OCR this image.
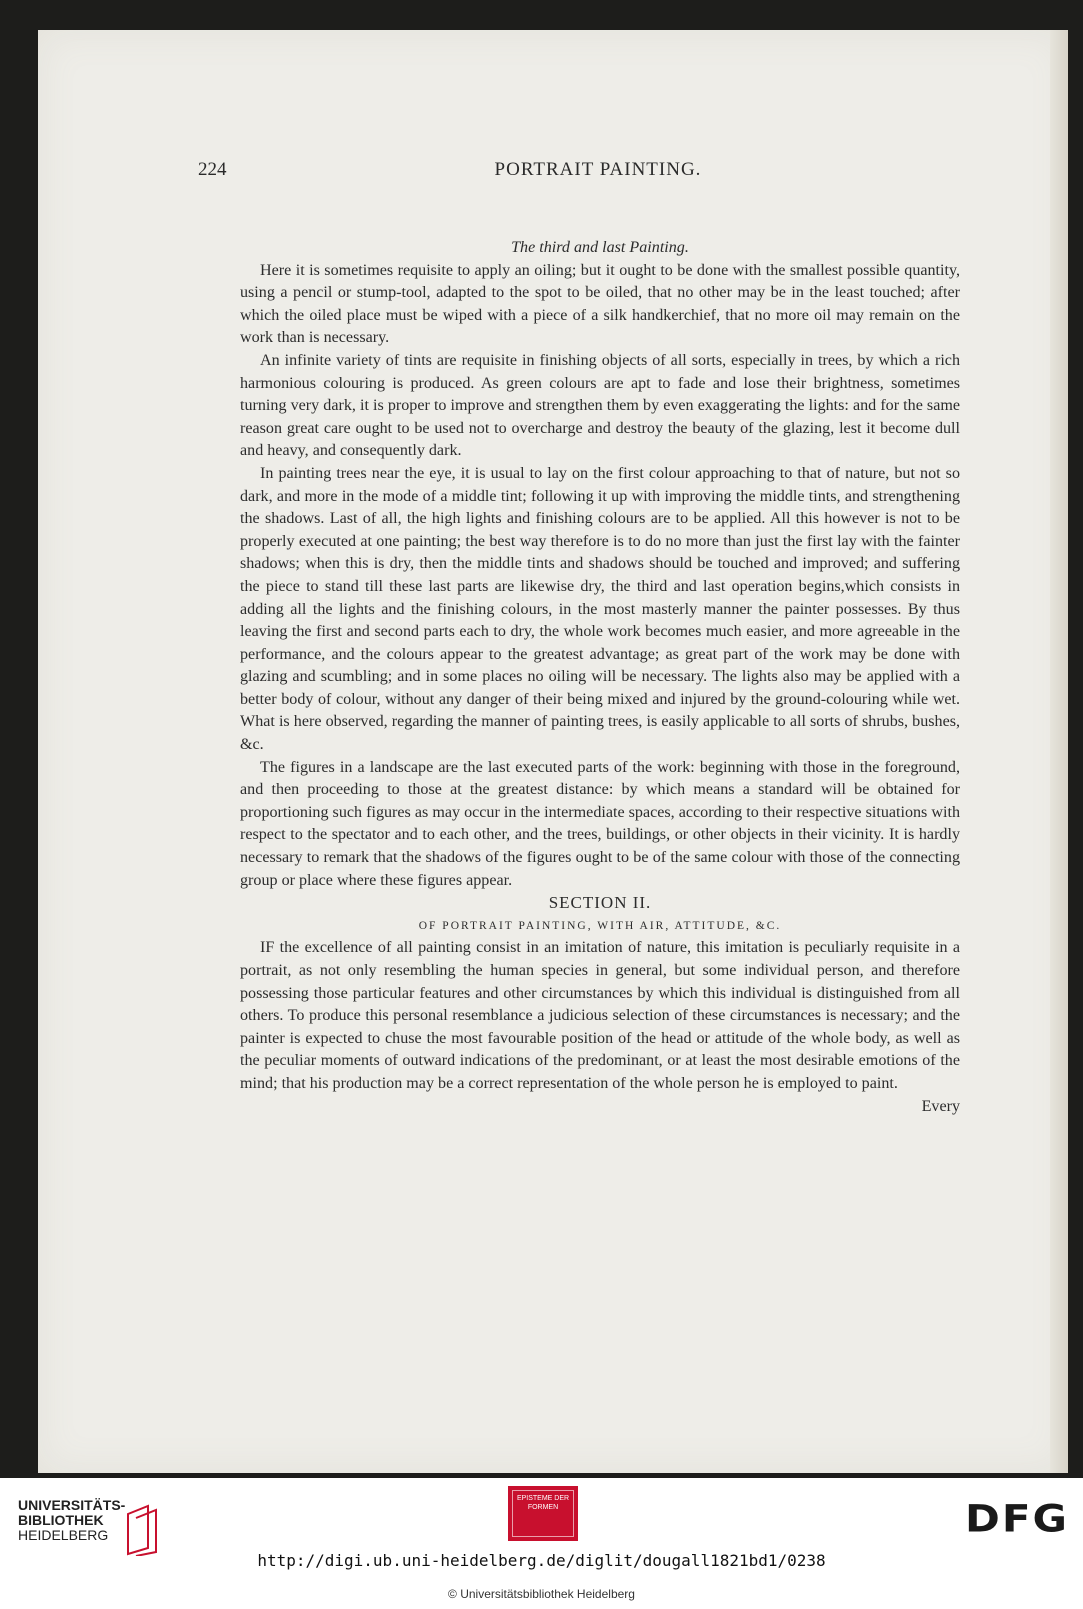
224	PORTRAIT PAINTING.

The third and last Painting.

Here it is sometimes requisite to apply an oiling; but it ought to be done with the smallest possible quantity, using a pencil or stump-tool, adapted to the spot to be oiled, that no other may be in the least touched; after which the oiled place must be wiped with a piece of a silk handkerchief, that no more oil may remain on the work than is necessary.

An infinite variety of tints are requisite in finishing objects of all sorts, especially in trees, by which a rich harmonious colouring is produced. As green colours are apt to fade and lose their brightness, sometimes turning very dark, it is proper to improve and strengthen them by even exaggerating the lights: and for the same reason great care ought to be used not to overcharge and destroy the beauty of the glazing, lest it become dull and heavy, and consequently dark.

In painting trees near the eye, it is usual to lay on the first colour approaching to that of nature, but not so dark, and more in the mode of a middle tint; following it up with improving the middle tints, and strengthening the shadows. Last of all, the high lights and finishing colours are to be applied. All this however is not to be properly executed at one painting; the best way therefore is to do no more than just the first lay with the fainter shadows; when this is dry, then the middle tints and shadows should be touched and improved; and suffering the piece to stand till these last parts are likewise dry, the third and last operation begins,which consists in adding all the lights and the finishing colours, in the most masterly manner the painter possesses. By thus leaving the first and second parts each to dry, the whole work becomes much easier, and more agreeable in the performance, and the colours appear to the greatest advantage; as great part of the work may be done with glazing and scumbling; and in some places no oiling will be necessary. The lights also may be applied with a better body of colour, without any danger of their being mixed and injured by the ground-colouring while wet. What is here observed, regarding the manner of painting trees, is easily applicable to all sorts of shrubs, bushes, &c.

The figures in a landscape are the last executed parts of the work: beginning with those in the foreground, and then proceeding to those at the greatest distance: by which means a standard will be obtained for proportioning such figures as may occur in the intermediate spaces, according to their respective situations with respect to the spectator and to each other, and the trees, buildings, or other objects in their vicinity. It is hardly necessary to remark that the shadows of the figures ought to be of the same colour with those of the connecting group or place where these figures appear.

SECTION II.

OF PORTRAIT PAINTING, WITH AIR, ATTITUDE, &C.

IF the excellence of all painting consist in an imitation of nature, this imitation is peculiarly requisite in a portrait, as not only resembling the human species in general, but some individual person, and therefore possessing those particular features and other circumstances by which this individual is distinguished from all others. To produce this personal resemblance a judicious selection of these circumstances is necessary; and the painter is expected to chuse the most favourable position of the head or attitude of the whole body, as well as the peculiar moments of outward indications of the predominant, or at least the most desirable emotions of the mind; that his production may be a correct representation of the whole person he is employed to paint.

Every

UNIVERSITÄTS-
BIBLIOTHEK
HEIDELBERG
EPISTEME DER FORMEN	DFG
http://digi.ub.uni-heidelberg.de/diglit/dougall1821bd1/0238
© Universitätsbibliothek Heidelberg
